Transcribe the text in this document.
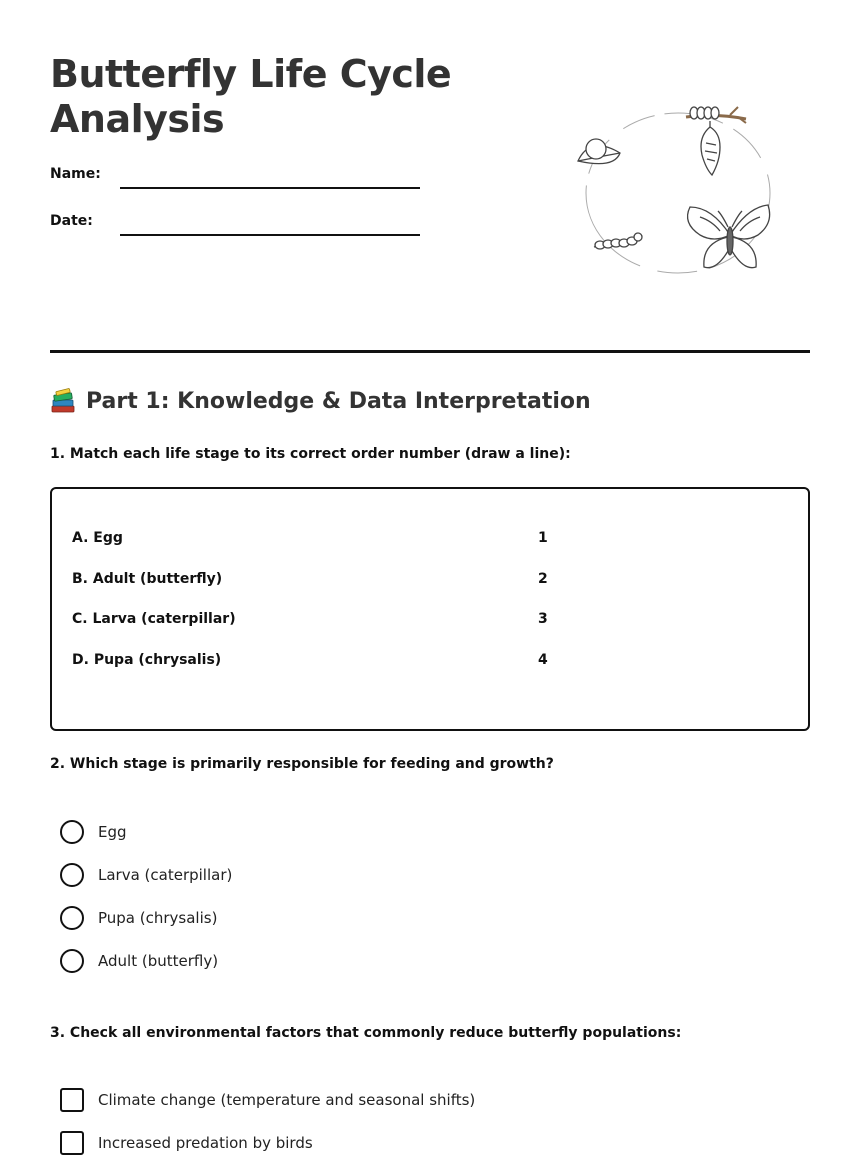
Butterfly Life Cycle
Analysis
Name:
Date:
Part 1: Knowledge & Data Interpretation
1. Match each life stage to its correct order number (draw a line):
A. Egg
B. Adult (butterfly)
C. Larva (caterpillar)
D. Pupa (chrysalis)
1
2
3
4
2. Which stage is primarily responsible for feeding and growth?
Egg
Larva (caterpillar)
Pupa (chrysalis)
Adult (butterfly)
3. Check all environmental factors that commonly reduce butterfly populations:
Climate change (temperature and seasonal shifts)
Increased predation by birds
